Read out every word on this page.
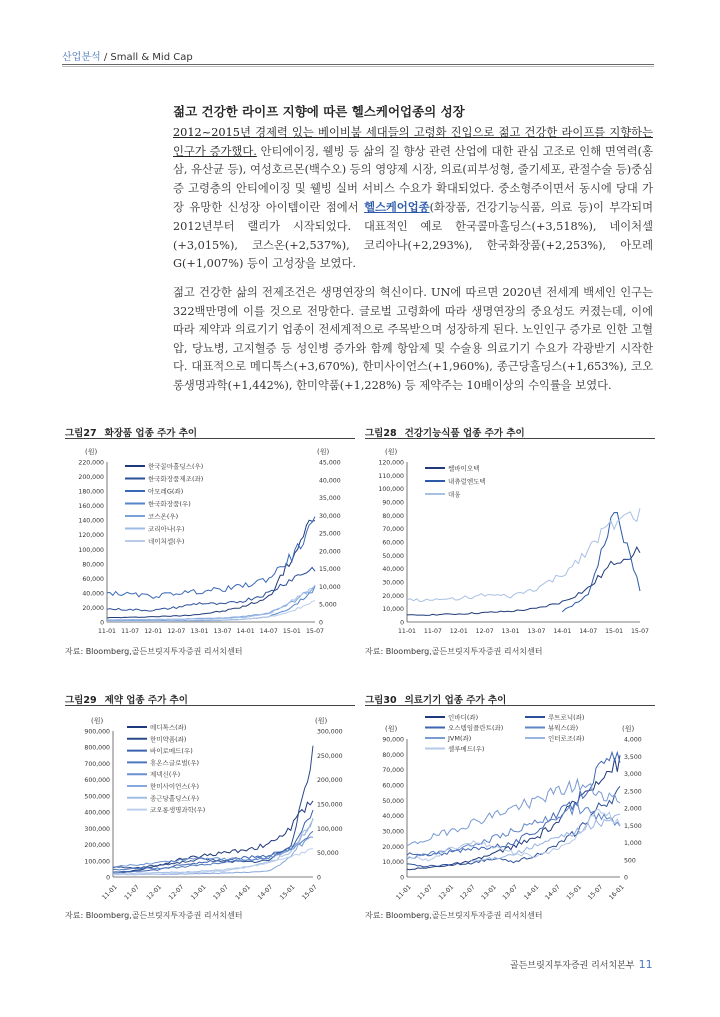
산업분석 / Small & Mid Cap
젊고 건강한 라이프 지향에 따른 헬스케어업종의 성장

2012~2015년 경제력 있는 베이비붐 세대들의 고령화 진입으로 젊고 건강한 라이프를 지향하는 인구가 증가했다. 안티에이징, 웰빙 등 삶의 질 향상 관련 산업에 대한 관심 고조로 인해 면역력(홍삼, 유산균 등), 여성호르몬(백수오) 등의 영양제 시장, 의료(피부성형, 줄기세포, 관절수술 등)중심증 고령층의 안티에이징 및 웰빙 실버 서비스 수요가 확대되었다. 중소형주이면서 동시에 당대 가장 유망한 신성장 아이템이란 점에서 헬스케어업종(화장품, 건강기능식품, 의료 등)이 부각되며 2012년부터 랠리가 시작되었다. 대표적인 예로 한국콜마홀딩스(+3,518%), 네이처셀(+3,015%), 코스온(+2,537%), 코리아나(+2,293%), 한국화장품(+2,253%), 아모레G(+1,007%) 등이 고성장을 보였다.

젊고 건강한 삶의 전제조건은 생명연장의 혁신이다. UN에 따르면 2020년 전세계 백세인 인구는 322백만명에 이를 것으로 전망한다. 글로벌 고령화에 따라 생명연장의 중요성도 커졌는데, 이에 따라 제약과 의료기기 업종이 전세계적으로 주목받으며 성장하게 된다. 노인인구 증가로 인한 고혈압, 당뇨병, 고지혈증 등 성인병 증가와 함께 항암제 및 수술용 의료기기 수요가 각광받기 시작한다. 대표적으로 메디톡스(+3,670%), 한미사이언스(+1,960%), 종근당홀딩스(+1,653%), 코오롱생명과학(+1,442%), 한미약품(+1,228%) 등 제약주는 10배이상의 수익률을 보였다.

그림27 화장품 업종 주가 추이	그림28 건강기능식품 업종 주가 추이
(원)	(원)
0
20,000
40,000
60,000
80,000
100,000
120,000
140,000
160,000
180,000
200,000
220,000
0
5,000
10,000
15,000
20,000
25,000
30,000
35,000
40,000
45,000
11-01 11-07 12-01 12-07 13-01 13-07 14-01 14-07 15-01 15-07
한국콜마홀딩스(우)
한국화장품제조(좌)
아모레G(좌)
한국화장품(우)
코스온(우)
코리아나(우)
네이처셀(우)
(원)
0
10,000
20,000
30,000
40,000
50,000
60,000
70,000
80,000
90,000
100,000
110,000
120,000
11-01 11-07 12-01 12-07 13-01 13-07 14-01 14-07 15-01 15-07
쎌바이오텍
내츄럴엔도텍
대웅
자료: Bloomberg,골든브릿지투자증권 리서치센터	자료: Bloomberg,골든브릿지투자증권 리서치센터
그림29 제약 업종 주가 추이	그림30 의료기기 업종 주가 추이
(원)	(원)
0
100,000
200,000
300,000
400,000
500,000
600,000
700,000
800,000
900,000
0
50,000
100,000
150,000
200,000
250,000
300,000
11-01 11-07 12-01 12-07 13-01 13-07 14-01 14-07 15-01 15-07
메디톡스(좌)
한미약품(좌)
바이로메드(우)
휴온스글로벌(우)
제넥신(우)
한미사이언스(우)
종근당홀딩스(우)
코오롱생명과학(우)
(원)	(원)
0
10,000
20,000
30,000
40,000
50,000
60,000
70,000
80,000
90,000
0
500
1,000
1,500
2,000
2,500
3,000
3,500
4,000
11-01 11-07 12-01 12-07 13-01 13-07 14-01 14-07 15-01 15-07 16-01
인바디(좌)	루트로닉(좌)
오스템임플란트(좌)	뷰웍스(좌)
JVM(좌)	인터로조(좌)
셀루메드(우)
자료: Bloomberg,골든브릿지투자증권 리서치센터	자료: Bloomberg,골든브릿지투자증권 리서치센터
골든브릿지투자증권 리서치본부 11
